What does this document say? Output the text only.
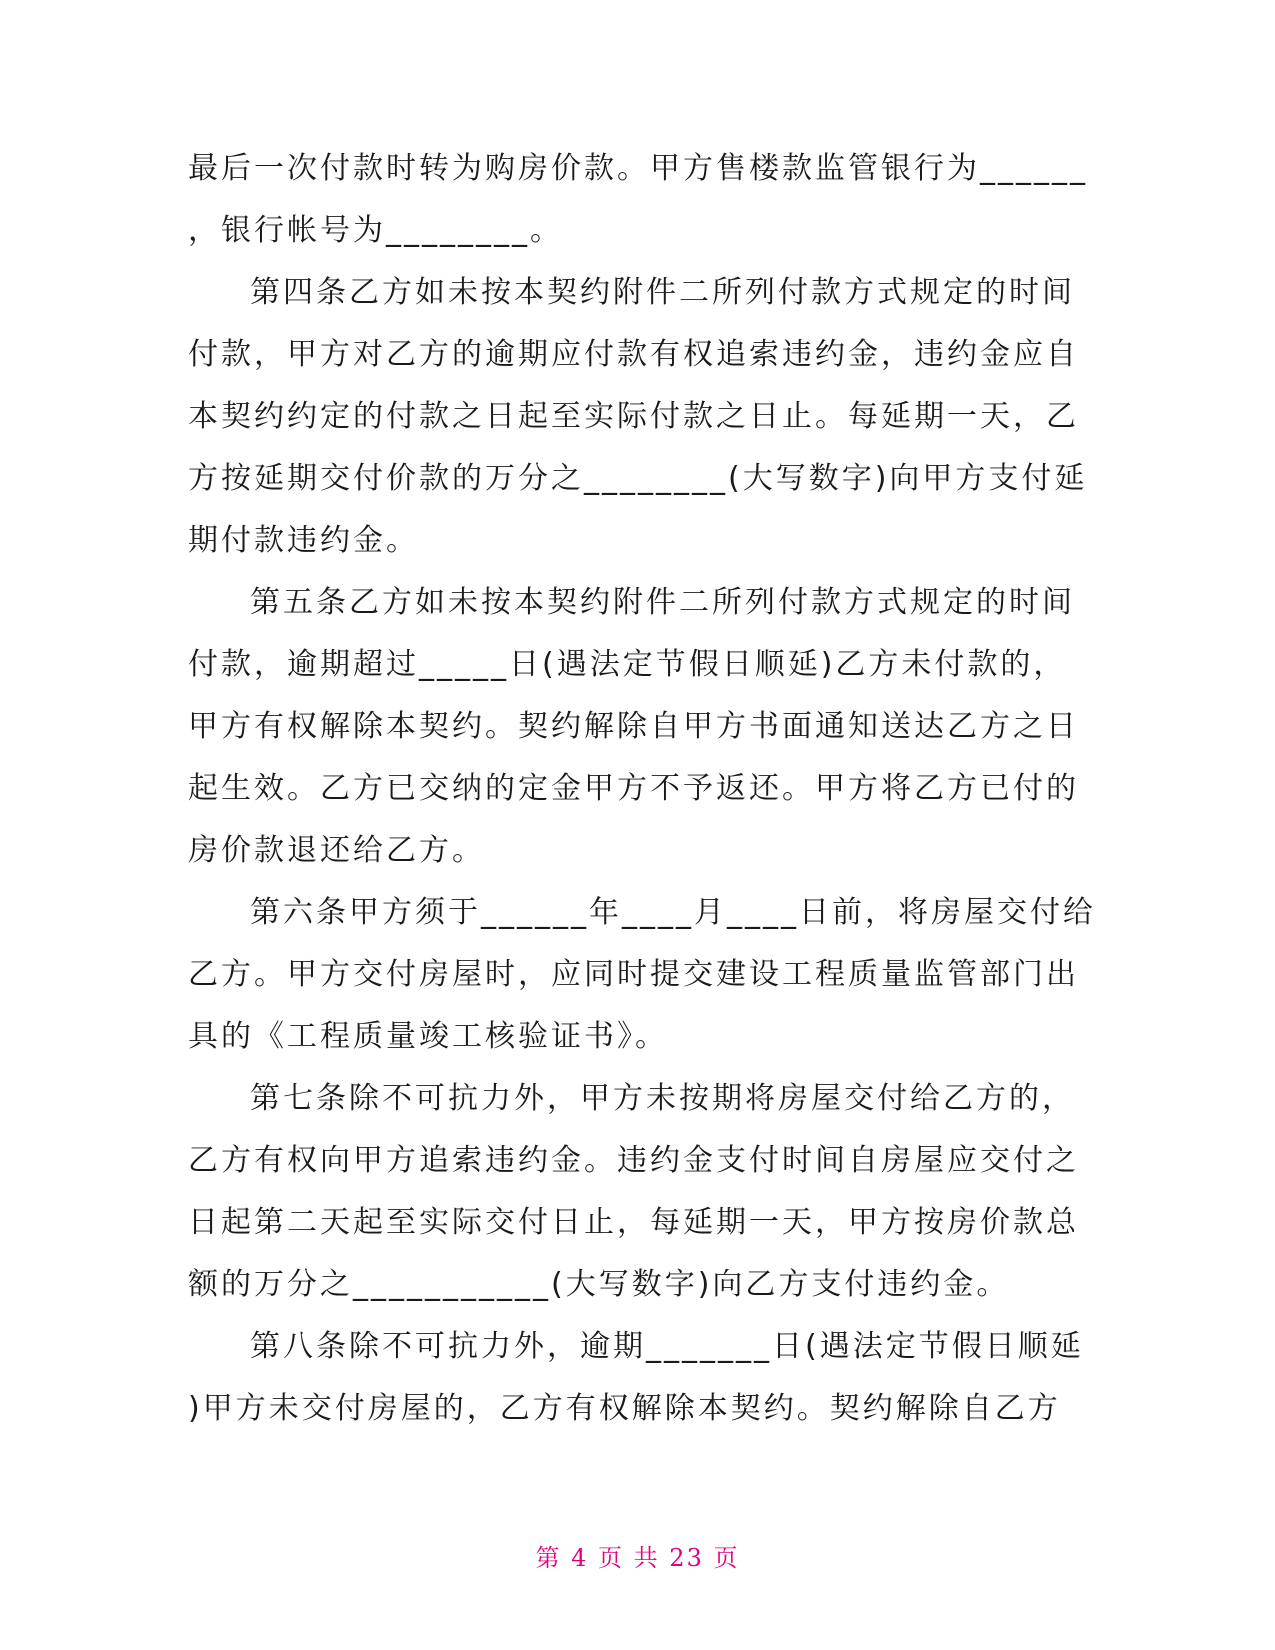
最后一次付款时转为购房价款。甲方售楼款监管银行为______
，银行帐号为________。
第四条乙方如未按本契约附件二所列付款方式规定的时间
付款，甲方对乙方的逾期应付款有权追索违约金，违约金应自
本契约约定的付款之日起至实际付款之日止。每延期一天，乙
方按延期交付价款的万分之________(大写数字)向甲方支付延
期付款违约金。
第五条乙方如未按本契约附件二所列付款方式规定的时间
付款，逾期超过_____日(遇法定节假日顺延)乙方未付款的，
甲方有权解除本契约。契约解除自甲方书面通知送达乙方之日
起生效。乙方已交纳的定金甲方不予返还。甲方将乙方已付的
房价款退还给乙方。
第六条甲方须于______年____月____日前，将房屋交付给
乙方。甲方交付房屋时，应同时提交建设工程质量监管部门出
具的《工程质量竣工核验证书》。
第七条除不可抗力外，甲方未按期将房屋交付给乙方的，
乙方有权向甲方追索违约金。违约金支付时间自房屋应交付之
日起第二天起至实际交付日止，每延期一天，甲方按房价款总
额的万分之___________(大写数字)向乙方支付违约金。
第八条除不可抗力外，逾期_______日(遇法定节假日顺延
)甲方未交付房屋的，乙方有权解除本契约。契约解除自乙方
第 4 页 共 23 页
